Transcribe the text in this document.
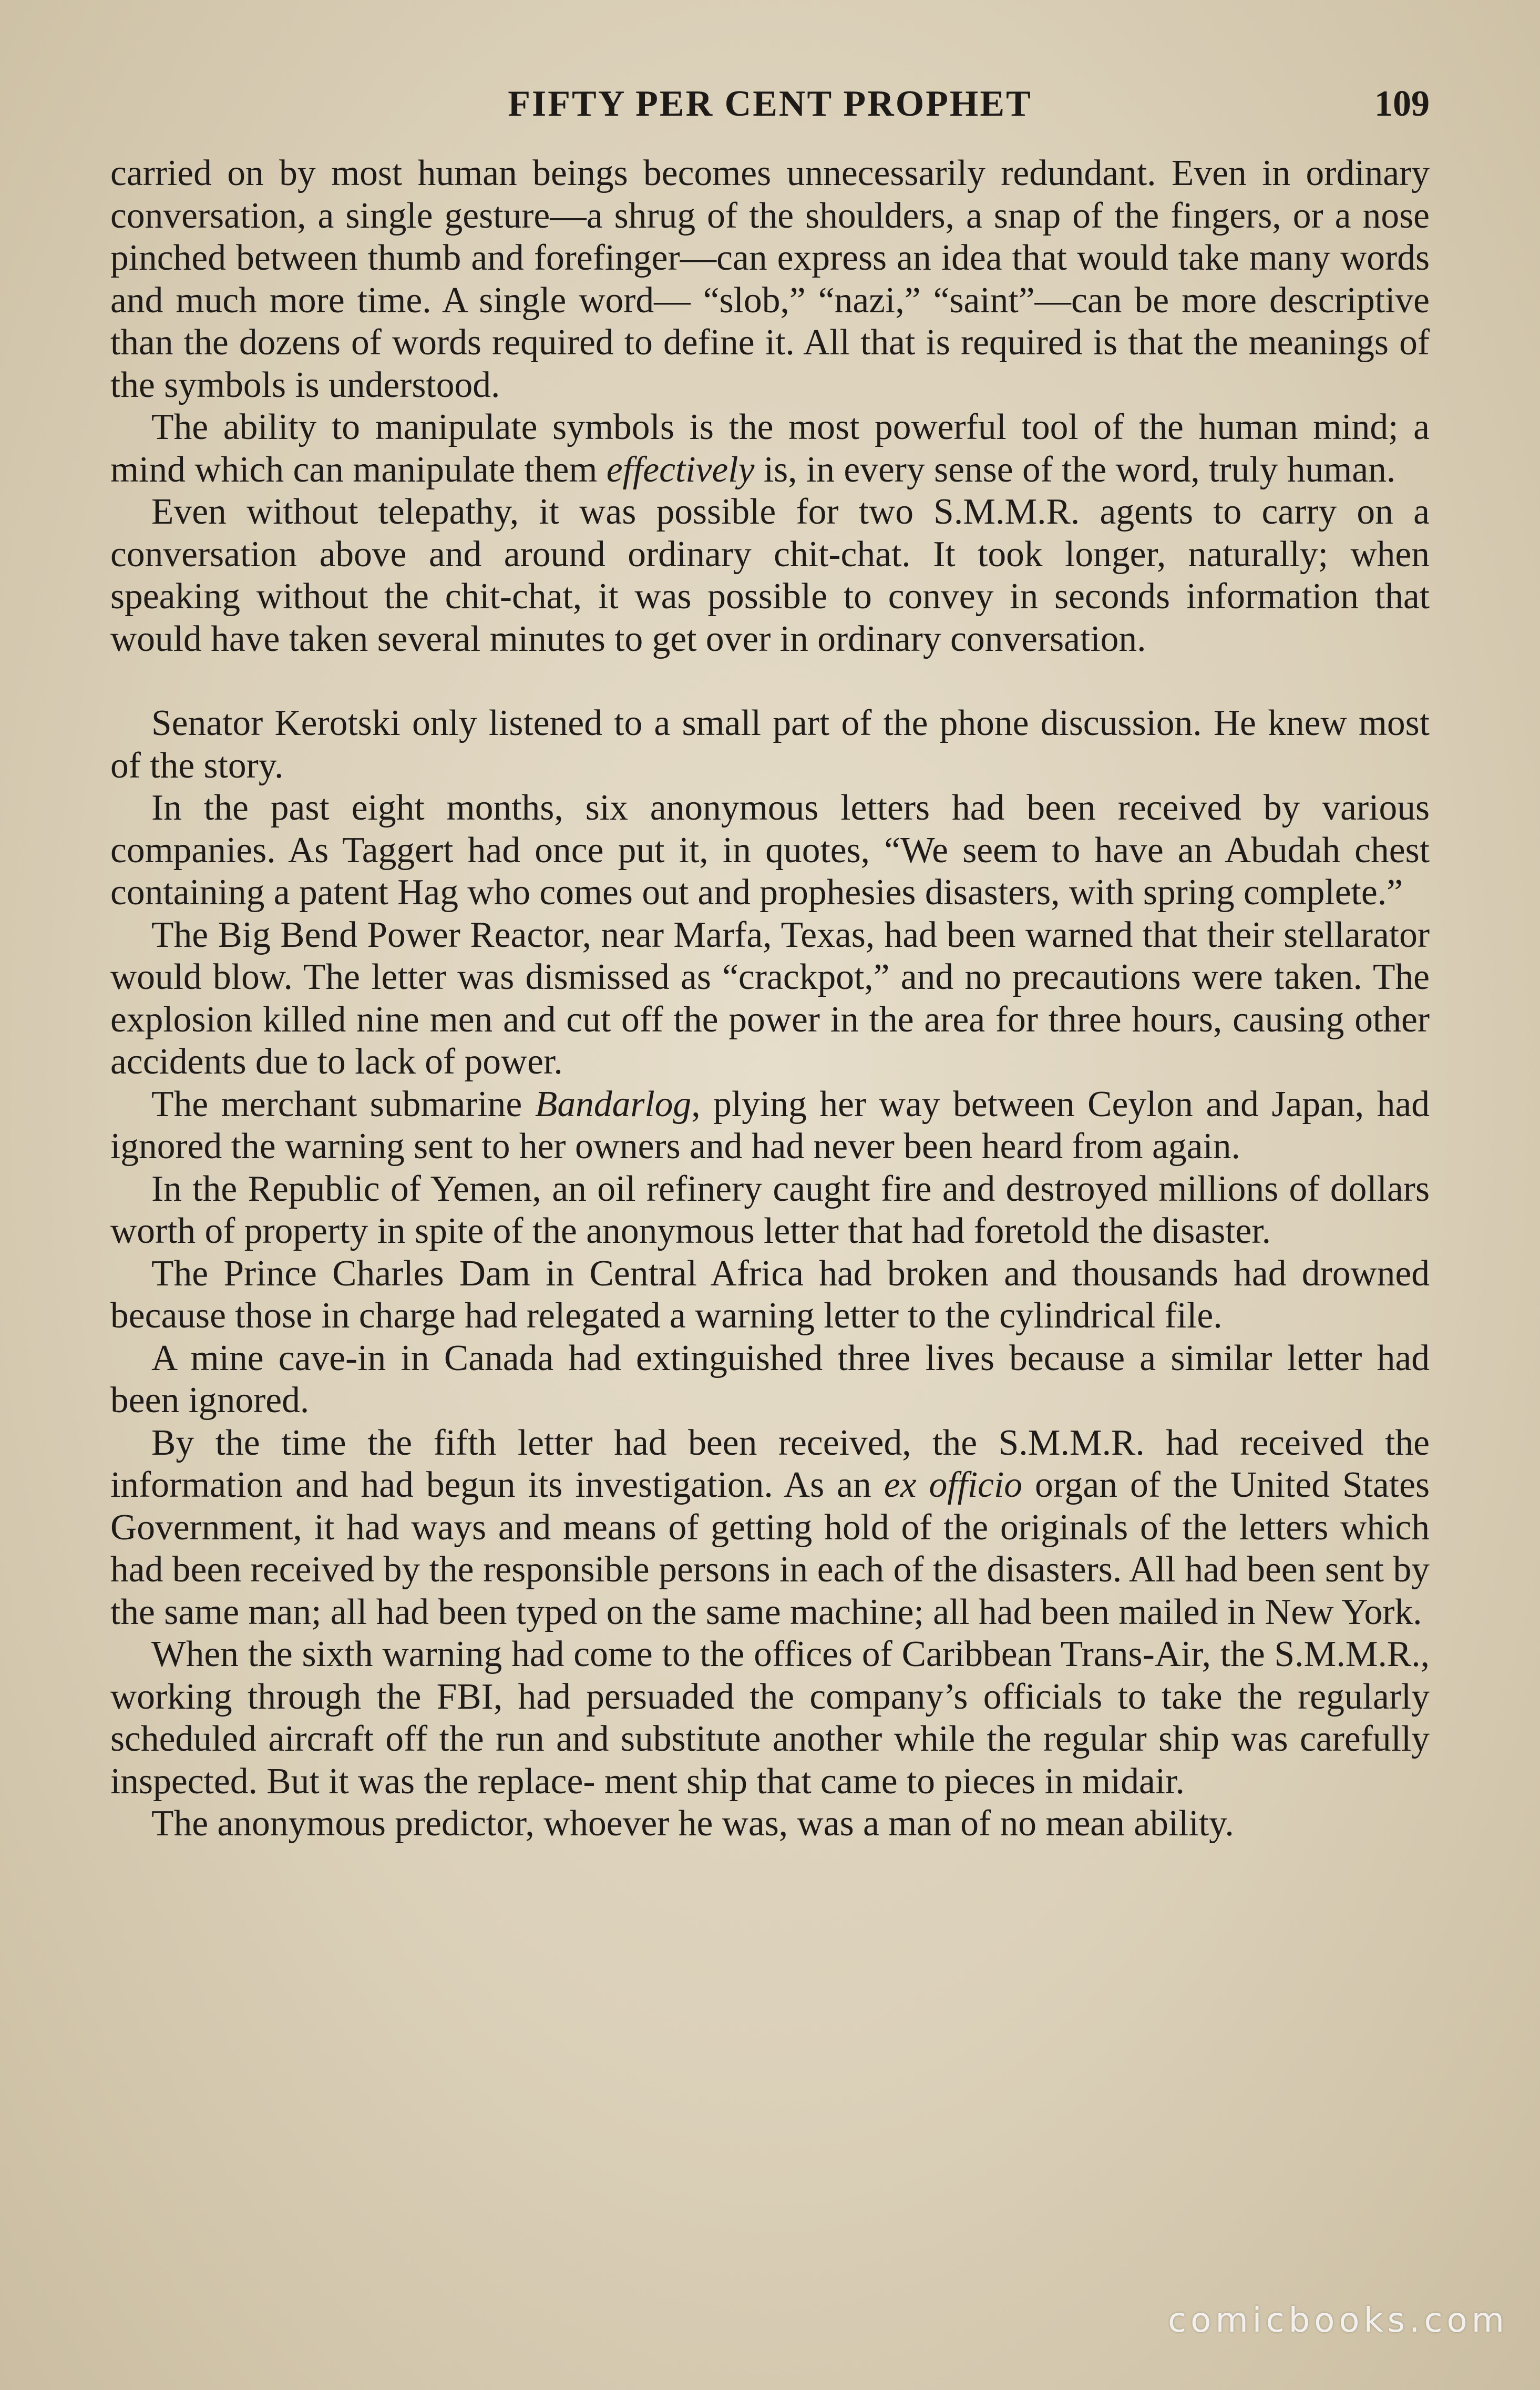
FIFTY PER CENT PROPHET	109

carried on by most human beings becomes unnecessarily redundant. Even in ordinary conversation, a single gesture—a shrug of the shoulders, a snap of the fingers, or a nose pinched between thumb and forefinger—can express an idea that would take many words and much more time. A single word— “slob,” “nazi,” “saint”—can be more descriptive than the dozens of words required to define it. All that is required is that the meanings of the symbols is understood.

The ability to manipulate symbols is the most powerful tool of the human mind; a mind which can manipulate them effectively is, in every sense of the word, truly human.

Even without telepathy, it was possible for two S.M.M.R. agents to carry on a conversation above and around ordinary chit-chat. It took longer, naturally; when speaking without the chit-chat, it was possible to convey in seconds information that would have taken several minutes to get over in ordinary conversation.

Senator Kerotski only listened to a small part of the phone discussion. He knew most of the story.

In the past eight months, six anonymous letters had been received by various companies. As Taggert had once put it, in quotes, “We seem to have an Abudah chest containing a patent Hag who comes out and prophesies disasters, with spring complete.”

The Big Bend Power Reactor, near Marfa, Texas, had been warned that their stellarator would blow. The letter was dismissed as “crackpot,” and no precautions were taken. The explosion killed nine men and cut off the power in the area for three hours, causing other accidents due to lack of power.

The merchant submarine Bandarlog, plying her way between Ceylon and Japan, had ignored the warning sent to her owners and had never been heard from again.

In the Republic of Yemen, an oil refinery caught fire and destroyed millions of dollars worth of property in spite of the anonymous letter that had foretold the disaster.

The Prince Charles Dam in Central Africa had broken and thousands had drowned because those in charge had relegated a warning letter to the cylindrical file.

A mine cave-in in Canada had extinguished three lives because a similar letter had been ignored.

By the time the fifth letter had been received, the S.M.M.R. had received the information and had begun its investigation. As an ex officio organ of the United States Government, it had ways and means of getting hold of the originals of the letters which had been received by the responsible persons in each of the disasters. All had been sent by the same man; all had been typed on the same machine; all had been mailed in New York.

When the sixth warning had come to the offices of Caribbean Trans-Air, the S.M.M.R., working through the FBI, had persuaded the company’s officials to take the regularly scheduled aircraft off the run and substitute another while the regular ship was carefully inspected. But it was the replace- ment ship that came to pieces in midair.

The anonymous predictor, whoever he was, was a man of no mean ability.

comicbooks.com
